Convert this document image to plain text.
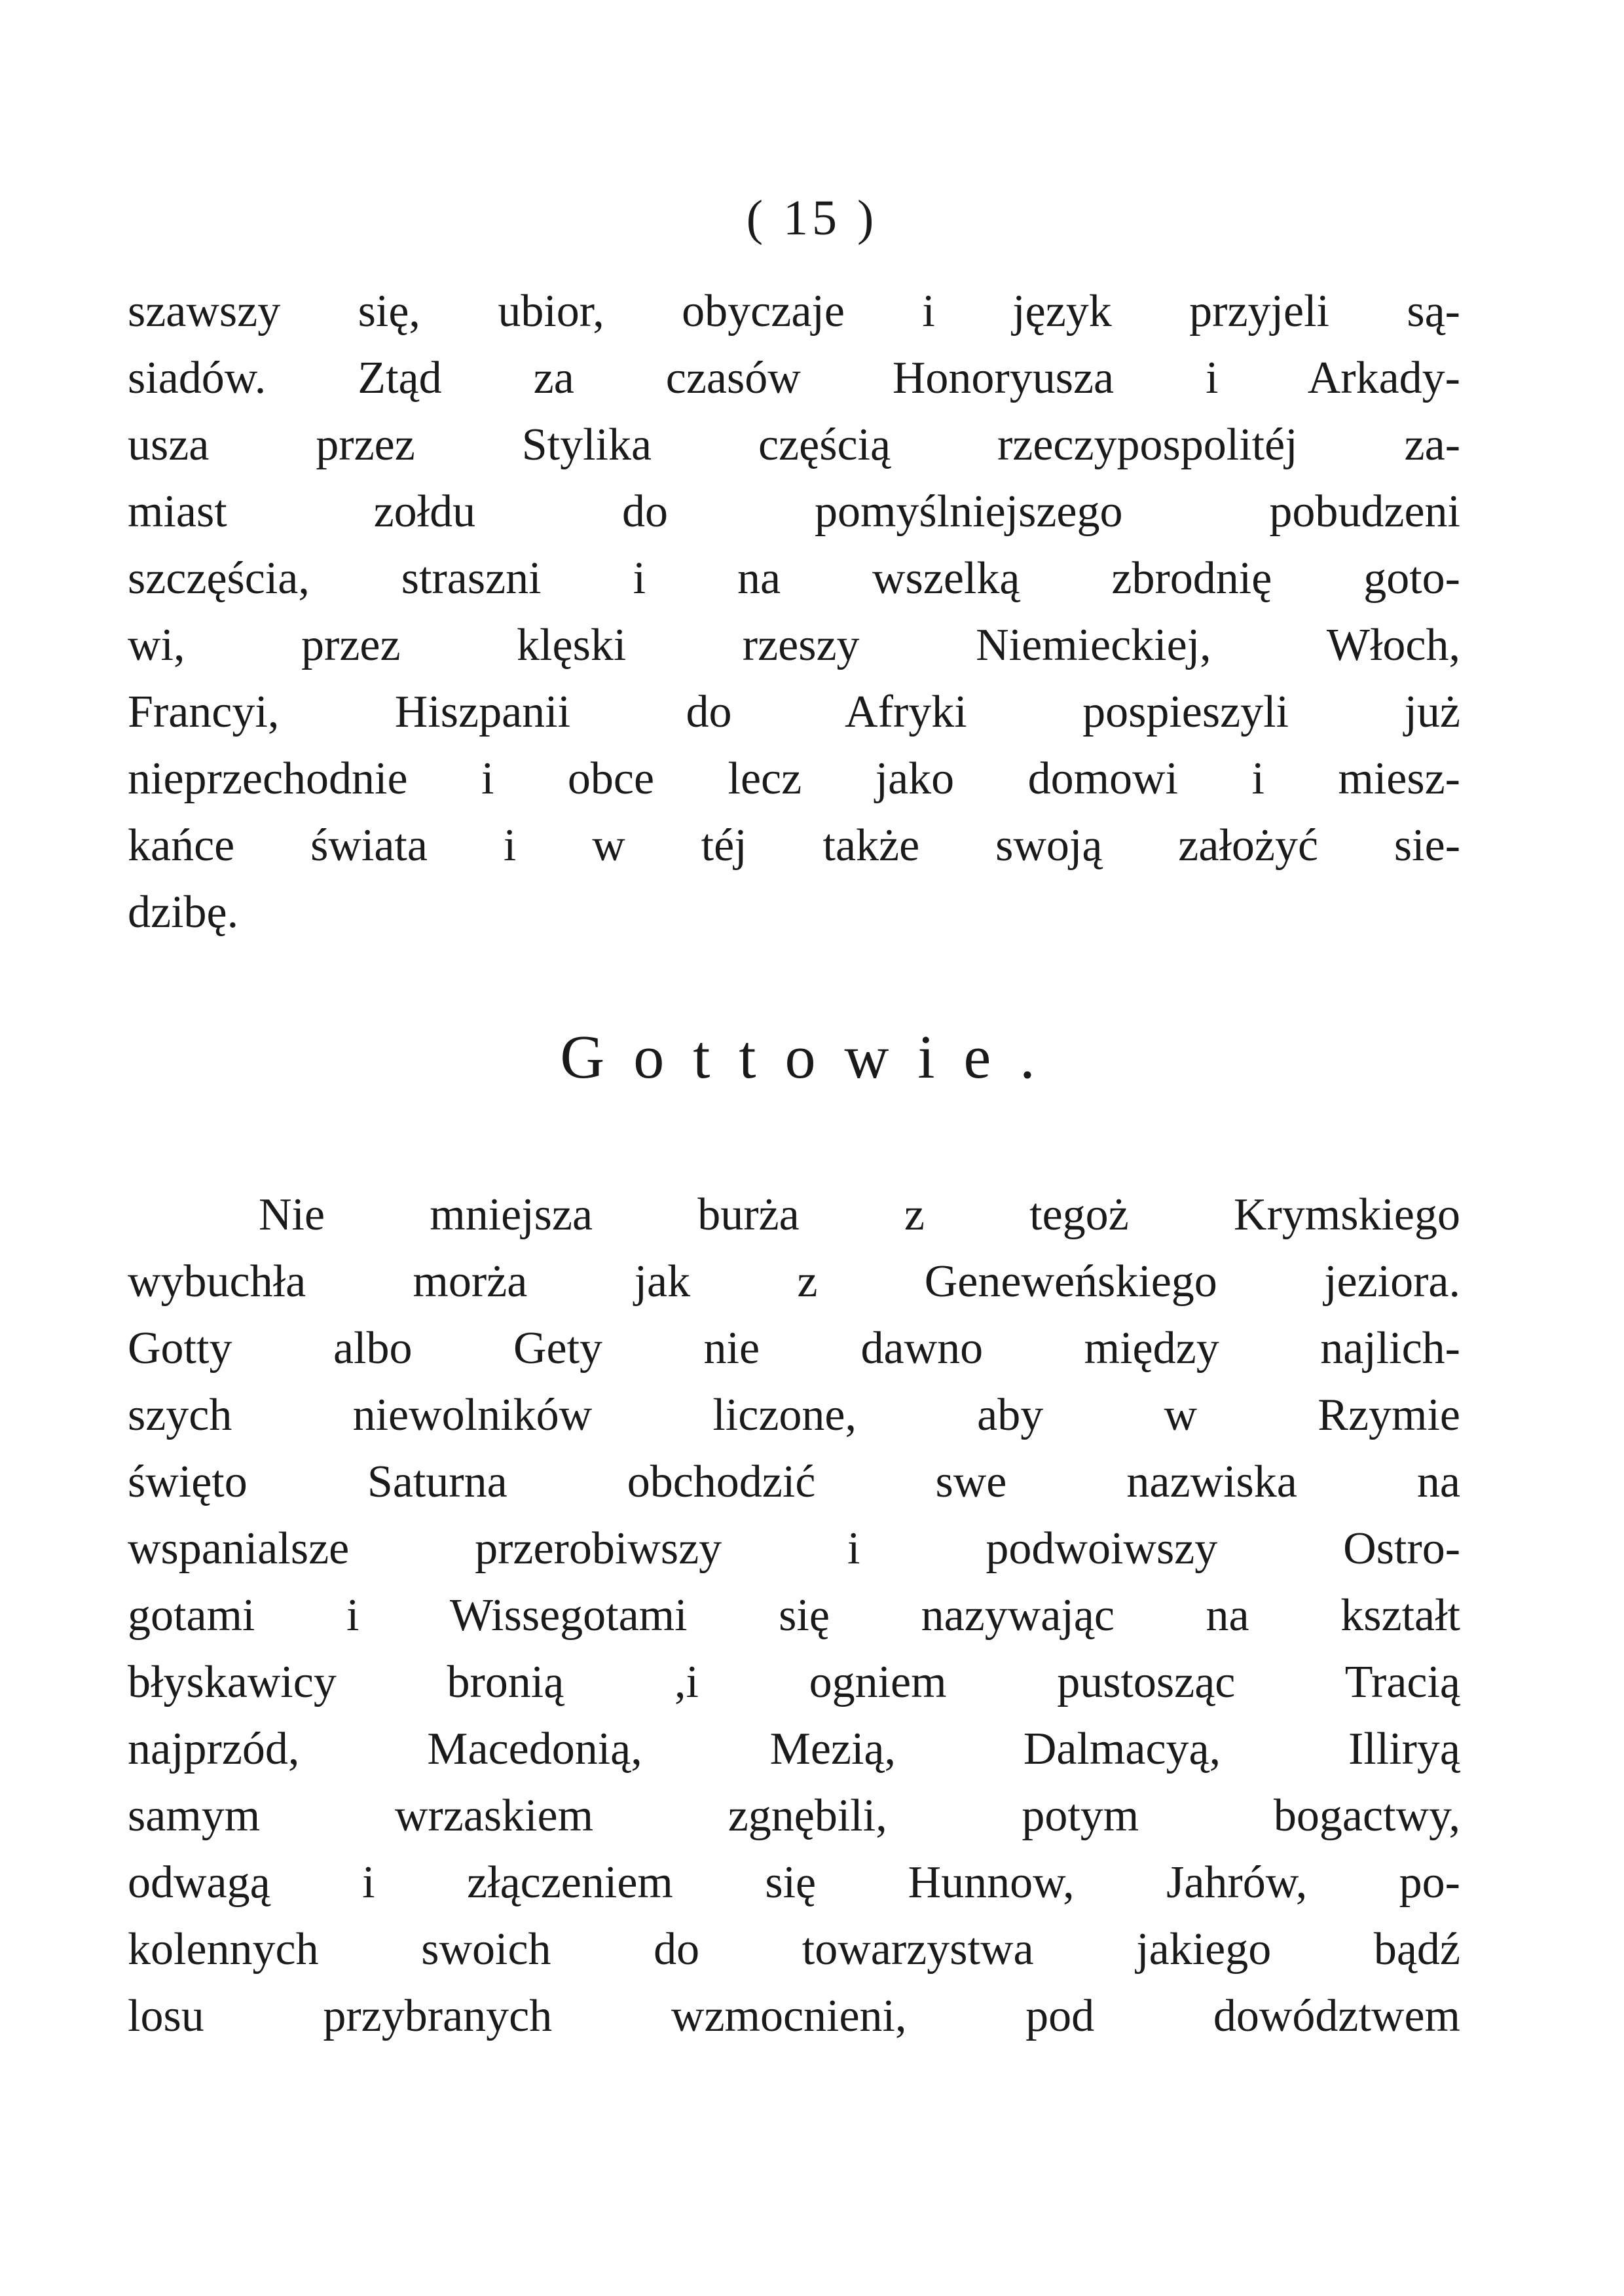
( 15 )
szawszy się, ubior, obyczaje i język przyjeli są-
siadów. Ztąd za czasów Honoryusza i Arkady-
usza przez Stylika częścią rzeczypospolitéj za-
miast zołdu do pomyślniejszego pobudzeni
szczęścia, straszni i na wszelką zbrodnię goto-
wi, przez klęski rzeszy Niemieckiej, Włoch,
Francyi, Hiszpanii do Afryki pospieszyli już
nieprzechodnie i obce lecz jako domowi i miesz-
kańce świata i w téj także swoją założyć sie-
dzibę.
Gottowie.
Nie mniejsza burża z tegoż Krymskiego
wybuchła morża jak z Geneweńskiego jeziora.
Gotty albo Gety nie dawno między najlich-
szych niewolników liczone, aby w Rzymie
święto Saturna obchodzić swe nazwiska na
wspanialsze przerobiwszy i podwoiwszy Ostro-
gotami i Wissegotami się nazywając na kształt
błyskawicy bronią ,i ogniem pustosząc Tracią
najprzód, Macedonią, Mezią, Dalmacyą, Illiryą
samym wrzaskiem zgnębili, potym bogactwy,
odwagą i złączeniem się Hunnow, Jahrów, po-
kolennych swoich do towarzystwa jakiego bądź
losu przybranych wzmocnieni, pod dowództwem
